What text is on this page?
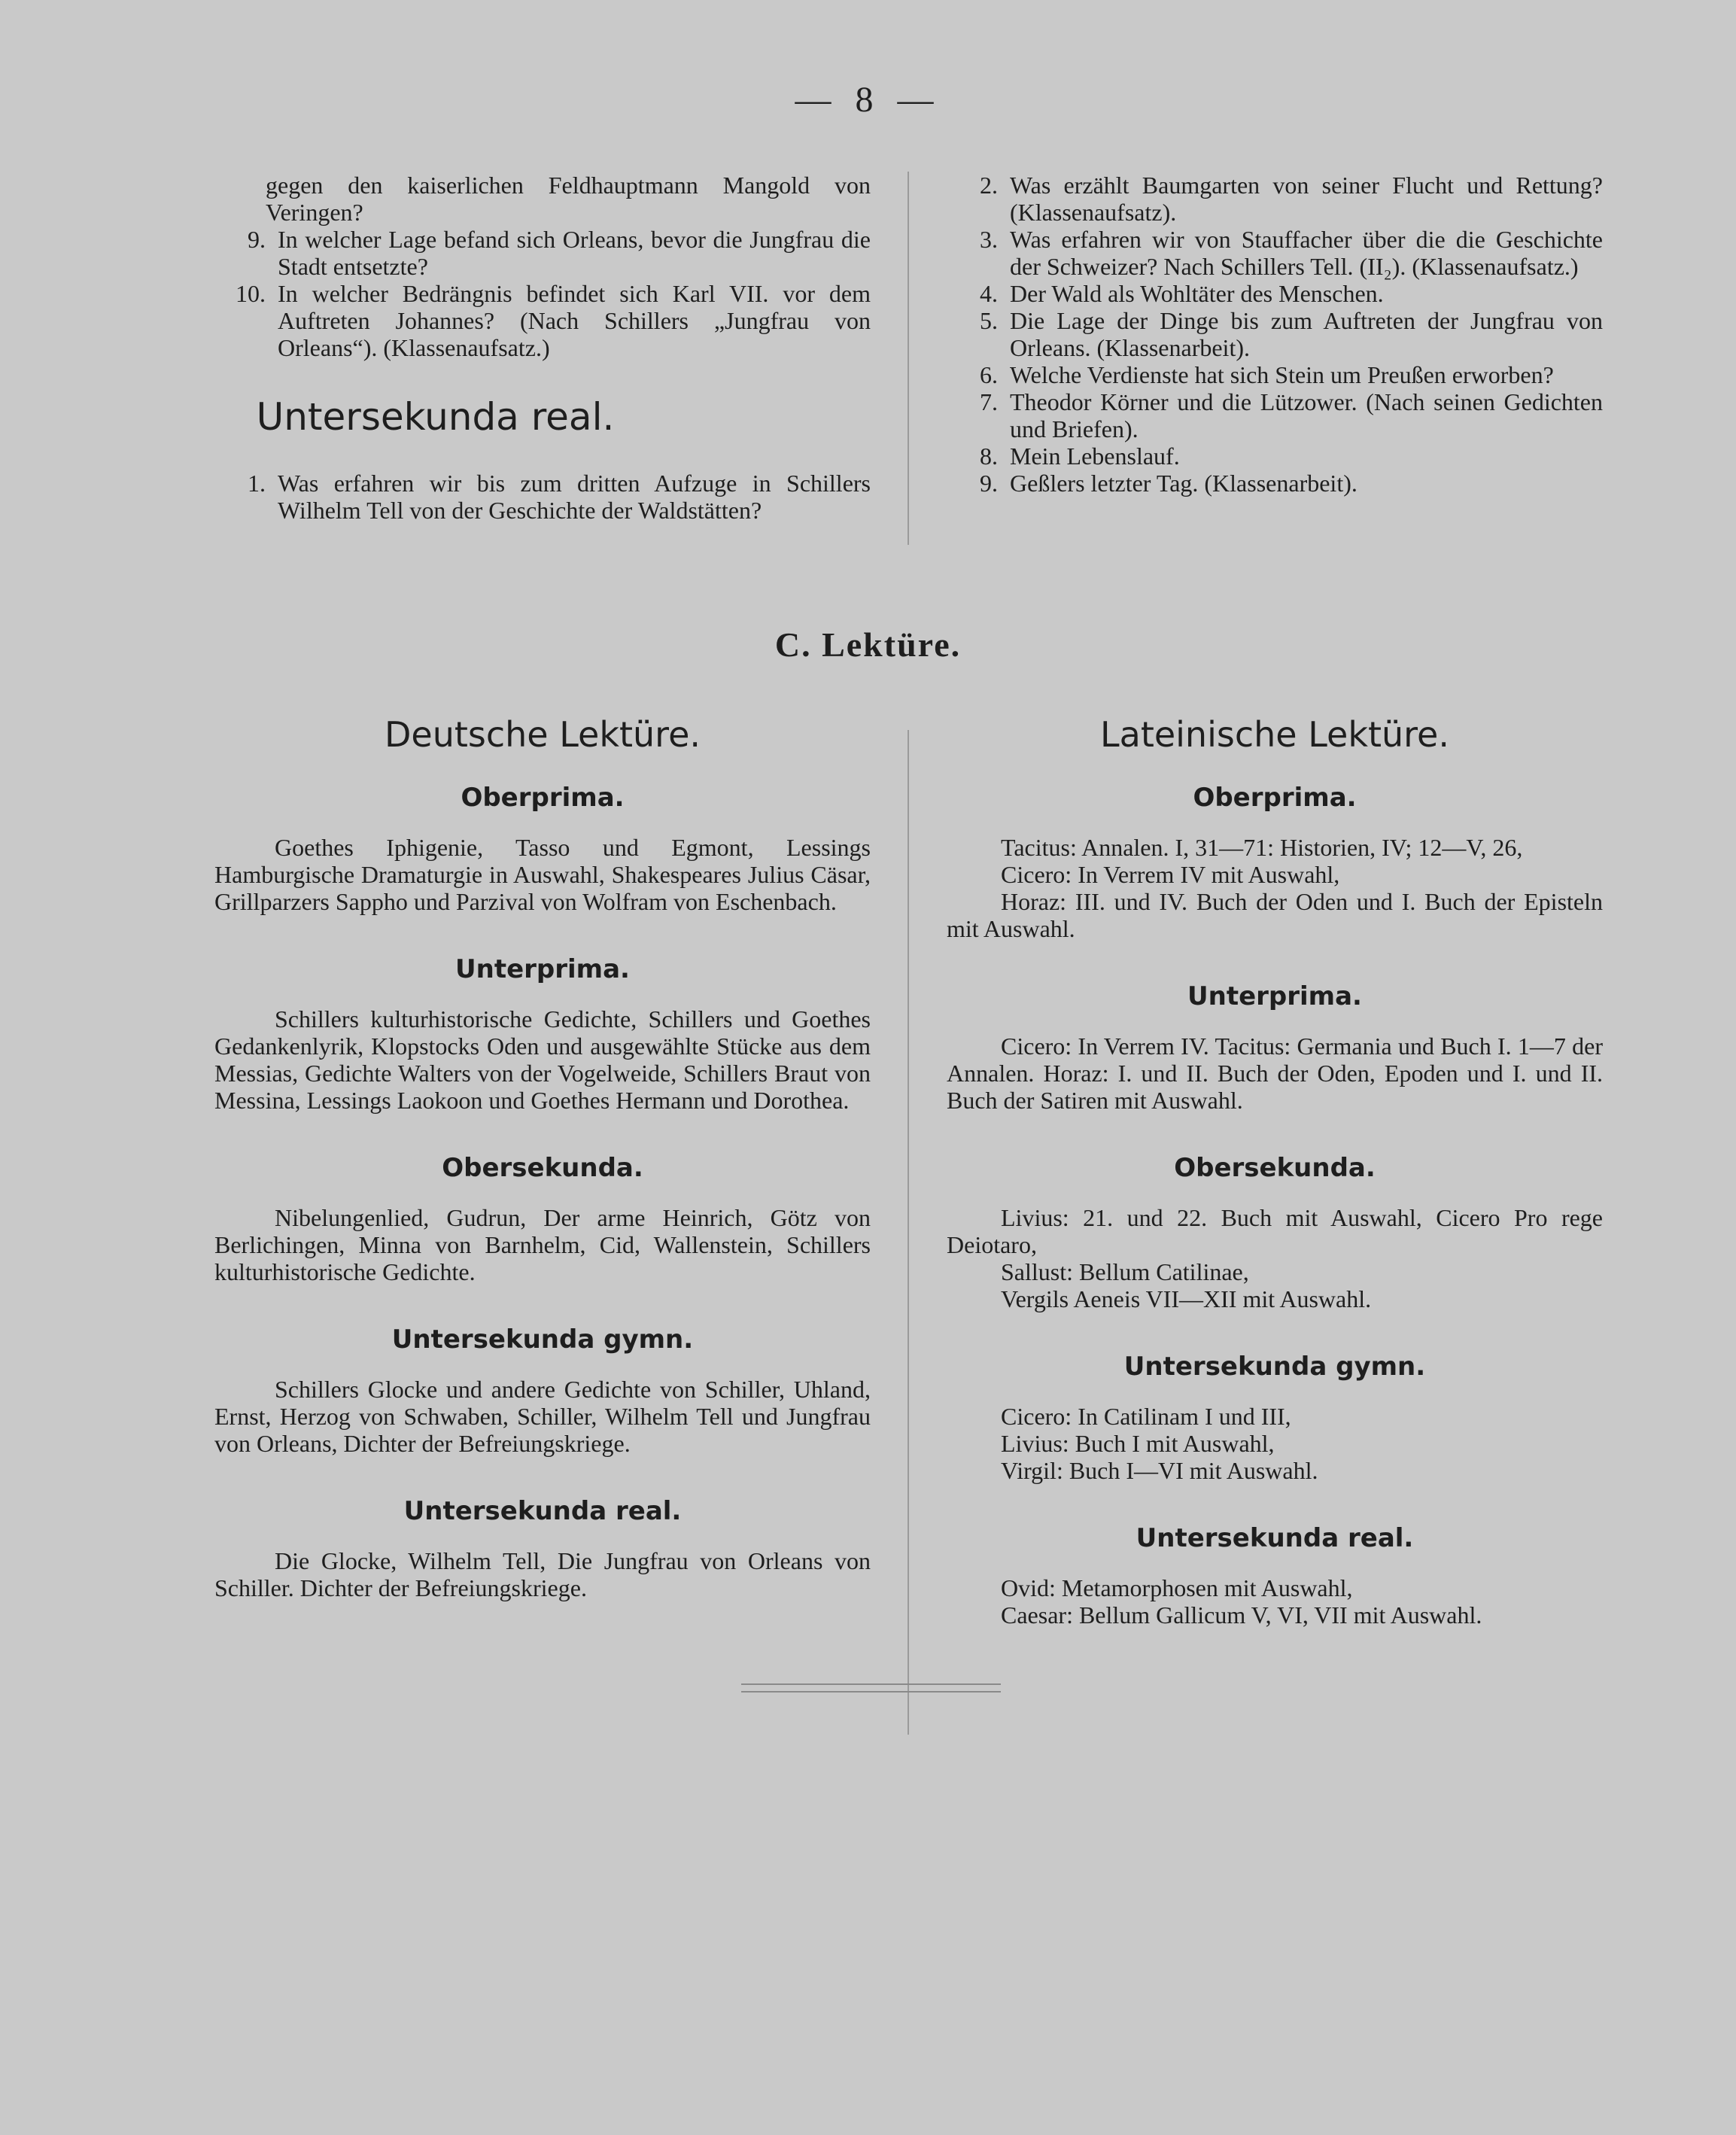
— 8 —
gegen den kaiserlichen Feldhauptmann Mangold von Veringen?
9. In welcher Lage befand sich Orleans, bevor die Jungfrau die Stadt entsetzte?
10. In welcher Bedrängnis befindet sich Karl VII. vor dem Auftreten Johannes? (Nach Schillers „Jungfrau von Orleans“). (Klassenaufsatz.)
Untersekunda real.
1. Was erfahren wir bis zum dritten Aufzuge in Schillers Wilhelm Tell von der Geschichte der Waldstätten?
2. Was erzählt Baumgarten von seiner Flucht und Rettung? (Klassenaufsatz).
3. Was erfahren wir von Stauffacher über die die Geschichte der Schweizer? Nach Schillers Tell. (II₂). (Klassenaufsatz.)
4. Der Wald als Wohltäter des Menschen.
5. Die Lage der Dinge bis zum Auftreten der Jungfrau von Orleans. (Klassenarbeit).
6. Welche Verdienste hat sich Stein um Preußen erworben?
7. Theodor Körner und die Lützower. (Nach seinen Gedichten und Briefen).
8. Mein Lebenslauf.
9. Geßlers letzter Tag. (Klassenarbeit).
C. Lektüre.
Deutsche Lektüre.
Oberprima.

Goethes Iphigenie, Tasso und Egmont, Lessings Hamburgische Dramaturgie in Auswahl, Shakespeares Julius Cäsar, Grillparzers Sappho und Parzival von Wolfram von Eschenbach.

Unterprima.

Schillers kulturhistorische Gedichte, Schillers und Goethes Gedankenlyrik, Klopstocks Oden und ausgewählte Stücke aus dem Messias, Gedichte Walters von der Vogelweide, Schillers Braut von Messina, Lessings Laokoon und Goethes Hermann und Dorothea.

Obersekunda.

Nibelungenlied, Gudrun, Der arme Heinrich, Götz von Berlichingen, Minna von Barnhelm, Cid, Wallenstein, Schillers kulturhistorische Gedichte.

Untersekunda gymn.

Schillers Glocke und andere Gedichte von Schiller, Uhland, Ernst, Herzog von Schwaben, Schiller, Wilhelm Tell und Jungfrau von Orleans, Dichter der Befreiungskriege.

Untersekunda real.

Die Glocke, Wilhelm Tell, Die Jungfrau von Orleans von Schiller. Dichter der Befreiungskriege.

Lateinische Lektüre.
Oberprima.

Tacitus: Annalen. I, 31—71: Historien, IV; 12—V, 26,

Cicero: In Verrem IV mit Auswahl,

Horaz: III. und IV. Buch der Oden und I. Buch der Episteln mit Auswahl.

Unterprima.

Cicero: In Verrem IV. Tacitus: Germania und Buch I. 1—7 der Annalen. Horaz: I. und II. Buch der Oden, Epoden und I. und II. Buch der Satiren mit Auswahl.

Obersekunda.

Livius: 21. und 22. Buch mit Auswahl, Cicero Pro rege Deiotaro,

Sallust: Bellum Catilinae,

Vergils Aeneis VII—XII mit Auswahl.

Untersekunda gymn.

Cicero: In Catilinam I und III,

Livius: Buch I mit Auswahl,

Virgil: Buch I—VI mit Auswahl.

Untersekunda real.

Ovid: Metamorphosen mit Auswahl,

Caesar: Bellum Gallicum V, VI, VII mit Auswahl.
